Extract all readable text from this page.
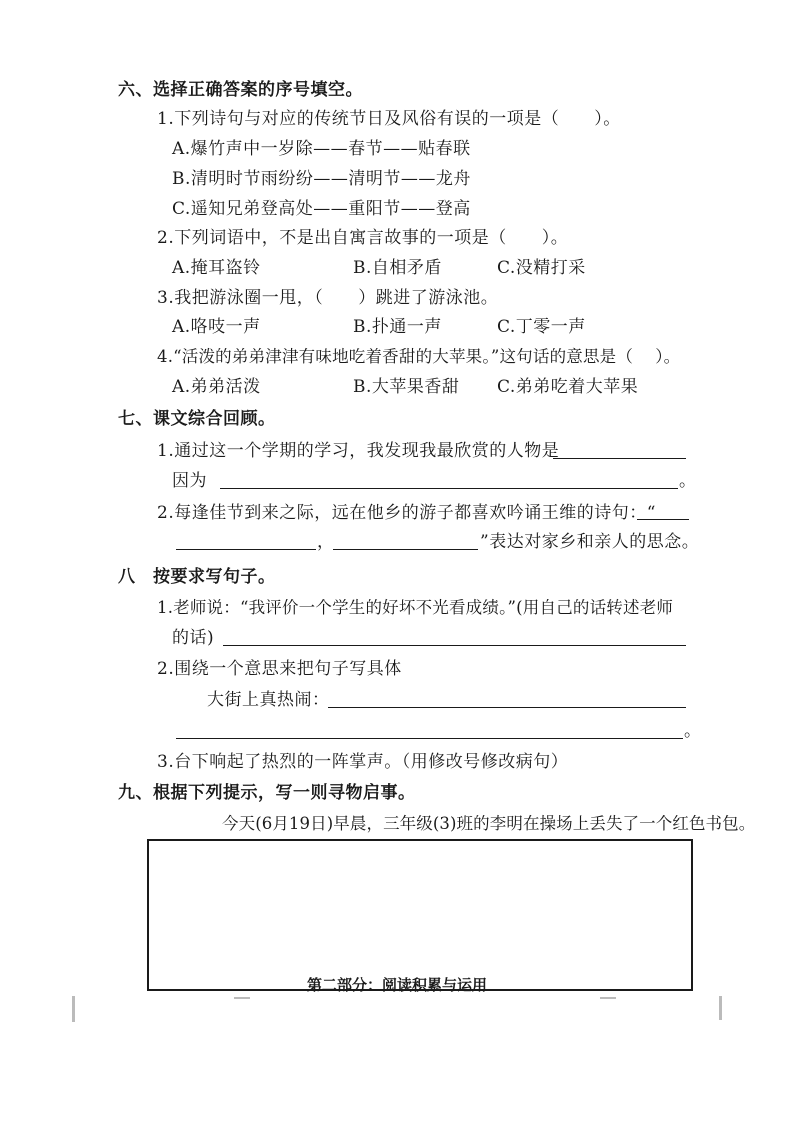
六、选择正确答案的序号填空。
1.下列诗句与对应的传统节日及风俗有误的一项是（　　）。
A.爆竹声中一岁除——春节——贴春联
B.清明时节雨纷纷——清明节——龙舟
C.遥知兄弟登高处——重阳节——登高
2.下列词语中，不是出自寓言故事的一项是（　　）。
A.掩耳盗铃	B.自相矛盾	C.没精打采
3.我把游泳圈一甩，（　　）跳进了游泳池。
A.咯吱一声	B.扑通一声	C.丁零一声
4.“活泼的弟弟津津有味地吃着香甜的大苹果。”这句话的意思是（　 ）。
A.弟弟活泼	B.大苹果香甜 C.弟弟吃着大苹果
七、课文综合回顾。
1.通过这一个学期的学习，我发现我最欣赏的人物是
因为	。
2.每逢佳节到来之际，远在他乡的游子都喜欢吟诵王维的诗句：“
，	”表达对家乡和亲人的思念。
八　按要求写句子。
1.老师说：“我评价一个学生的好坏不光看成绩。”(用自己的话转述老师
的话)
2.围绕一个意思来把句子写具体
大街上真热闹：
。
3.台下响起了热烈的一阵掌声。（用修改号修改病句）
九、根据下列提示，写一则寻物启事。
今天(6月19日)早晨，三年级(3)班的李明在操场上丢失了一个红色书包。
第二部分：阅读积累与运用
